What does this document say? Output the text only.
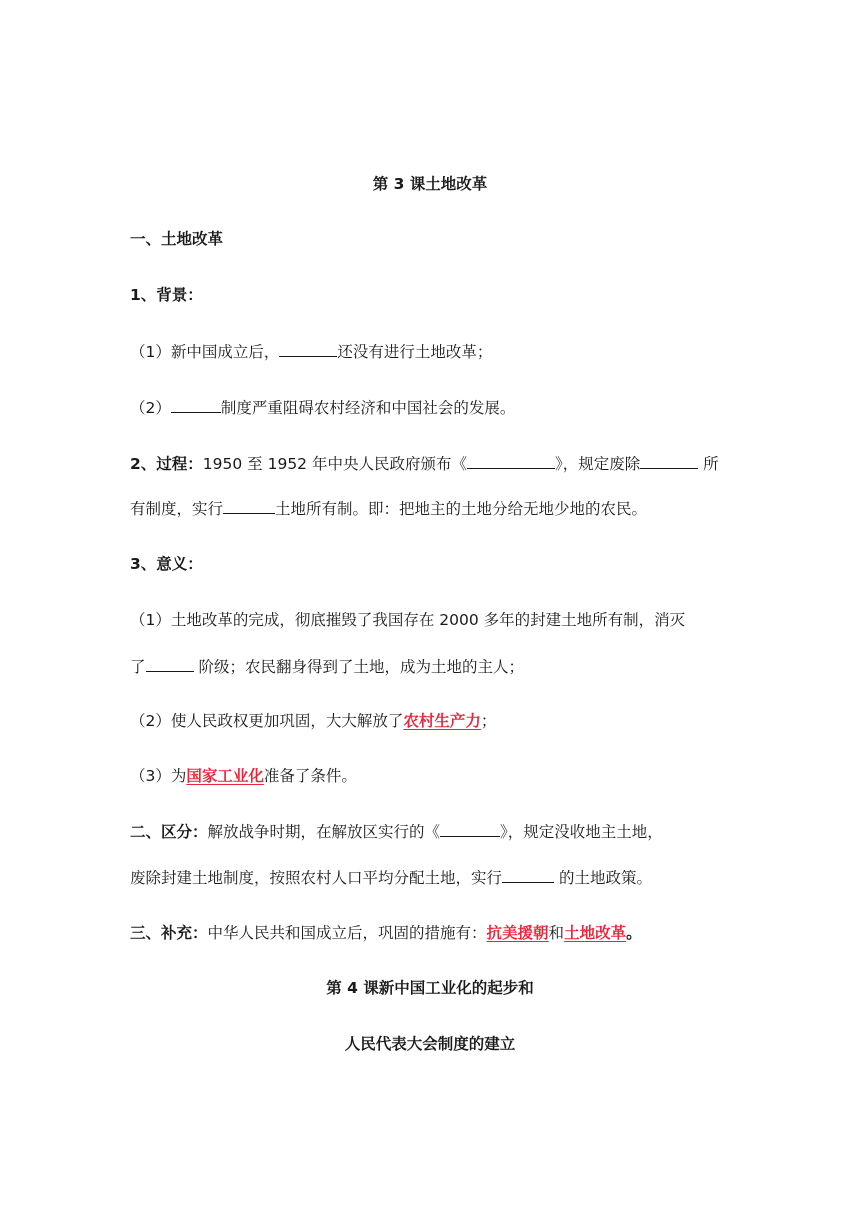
第 3 课土地改革
一、土地改革
1、背景：
（1）新中国成立后，	还没有进行土地改革；
（2）	制度严重阻碍农村经济和中国社会的发展。
2、过程：1950 至 1952 年中央人民政府颁布《	》，规定废除	所
有制度，实行	土地所有制。即：把地主的土地分给无地少地的农民。
3、意义：
（1）土地改革的完成，彻底摧毁了我国存在 2000 多年的封建土地所有制，消灭
了	阶级；农民翻身得到了土地，成为土地的主人；
（2）使人民政权更加巩固，大大解放了农村生产力；
（3）为国家工业化准备了条件。
二、区分：解放战争时期，在解放区实行的《	》，规定没收地主土地，
废除封建土地制度，按照农村人口平均分配土地，实行	的土地政策。
三、补充：中华人民共和国成立后，巩固的措施有：抗美援朝和土地改革。
第 4 课新中国工业化的起步和
人民代表大会制度的建立
